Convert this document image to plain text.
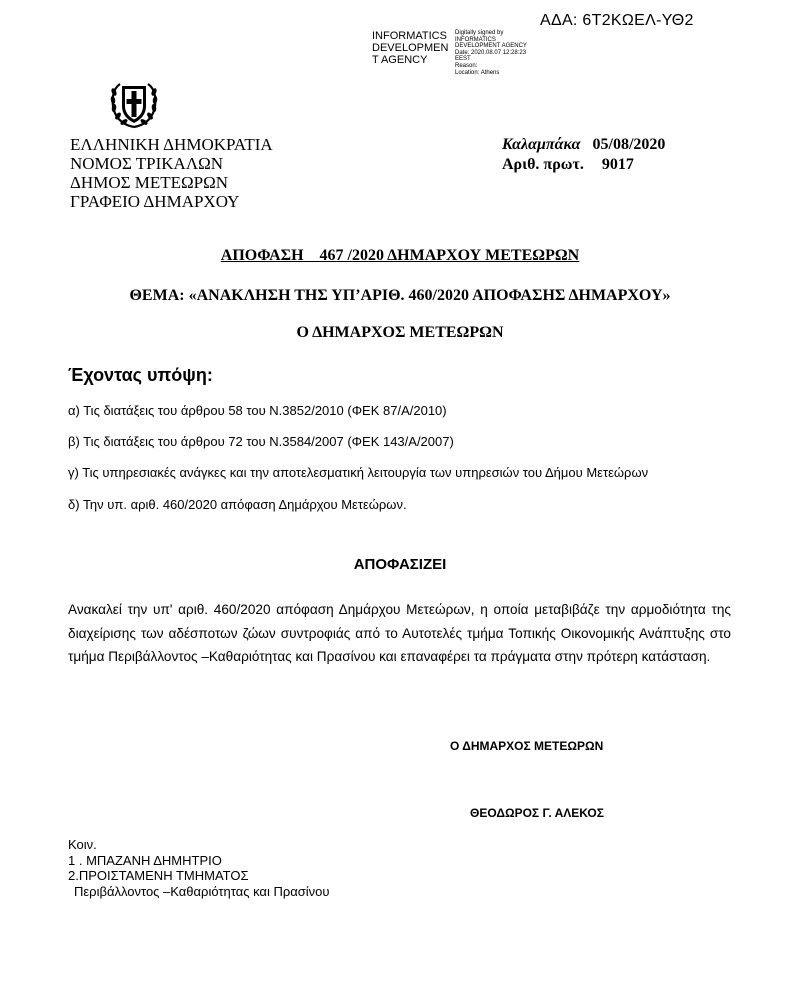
ΑΔΑ: 6Τ2ΚΩΕΛ-ΥΘ2
INFORMATICS
DEVELOPMEN
T AGENCY
Digitally signed by
INFORMATICS
DEVELOPMENT AGENCY
Date: 2020.08.07 12:28:23
EEST
Reason:
Location: Athens
ΕΛΛΗΝΙΚΗ ΔΗΜΟΚΡΑΤΙΑ
ΝΟΜΟΣ ΤΡΙΚΑΛΩΝ
ΔΗΜΟΣ ΜΕΤΕΩΡΩΝ
ΓΡΑΦΕΙΟ ΔΗΜΑΡΧΟΥ
Καλαμπάκα 05/08/2020
Αριθ. πρωτ. 9017
ΑΠΟΦΑΣΗ    467 /2020 ΔΗΜΑΡΧΟΥ ΜΕΤΕΩΡΩΝ
ΘΕΜΑ: «ΑΝΑΚΛΗΣΗ ΤΗΣ ΥΠ’ΑΡΙΘ. 460/2020 ΑΠΟΦΑΣΗΣ ΔΗΜΑΡΧΟΥ»
Ο ΔΗΜΑΡΧΟΣ ΜΕΤΕΩΡΩΝ
Έχοντας υπόψη:
α) Τις διατάξεις του άρθρου 58 του Ν.3852/2010 (ΦΕΚ 87/Α/2010)
β) Τις διατάξεις του άρθρου 72 του Ν.3584/2007 (ΦΕΚ 143/Α/2007)
γ) Τις υπηρεσιακές ανάγκες και την αποτελεσματική λειτουργία των υπηρεσιών του Δήμου Μετεώρων
δ) Την υπ. αριθ. 460/2020 απόφαση Δημάρχου Μετεώρων.
ΑΠΟΦΑΣΙΖΕΙ
Ανακαλεί την υπ' αριθ. 460/2020 απόφαση Δημάρχου Μετεώρων, η οποία μεταβιβάζε την αρμοδιότητα της διαχείρισης των αδέσποτων ζώων συντροφιάς από το Αυτοτελές τμήμα Τοπικής Οικονομικής Ανάπτυξης στο τμήμα Περιβάλλοντος –Καθαριότητας και Πρασίνου και επαναφέρει τα πράγματα στην πρότερη κατάσταση.
Ο ΔΗΜΑΡΧΟΣ ΜΕΤΕΩΡΩΝ
ΘΕΟΔΩΡΟΣ Γ. ΑΛΕΚΟΣ
Κοιν.
1 . ΜΠΑΖΑΝΗ ΔΗΜΗΤΡΙΟ
2.ΠΡΟΙΣΤΑΜΕΝΗ ΤΜΗΜΑΤΟΣ
Περιβάλλοντος –Καθαριότητας και Πρασίνου
